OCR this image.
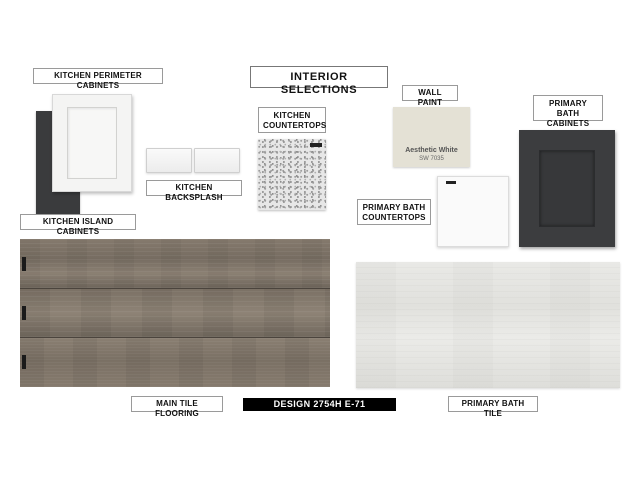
INTERIOR SELECTIONS
KITCHEN PERIMETER CABINETS
KITCHEN BACKSPLASH
KITCHEN
COUNTERTOPS
WALL PAINT
Aesthetic White
SW 7035
PRIMARY BATH
CABINETS
PRIMARY BATH
COUNTERTOPS
KITCHEN ISLAND CABINETS
MAIN TILE FLOORING
DESIGN 2754H E-71	PRIMARY BATH TILE
